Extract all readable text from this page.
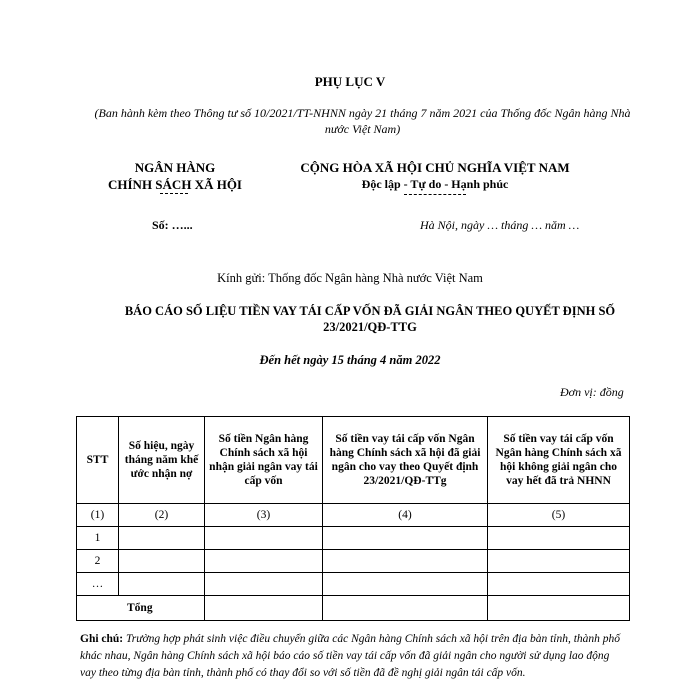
PHỤ LỤC V
(Ban hành kèm theo Thông tư số 10/2021/TT-NHNN ngày 21 tháng 7 năm 2021 của Thống đốc Ngân hàng Nhà nước Việt Nam)
NGÂN HÀNG
CHÍNH SÁCH XÃ HỘI
Số: …...
CỘNG HÒA XÃ HỘI CHỦ NGHĨA VIỆT NAM
Độc lập - Tự do - Hạnh phúc
Hà Nội, ngày … tháng … năm …
Kính gửi: Thống đốc Ngân hàng Nhà nước Việt Nam
BÁO CÁO SỐ LIỆU TIỀN VAY TÁI CẤP VỐN ĐÃ GIẢI NGÂN THEO QUYẾT ĐỊNH SỐ 23/2021/QĐ-TTG
Đến hết ngày 15 tháng 4 năm 2022
Đơn vị: đồng
STT	Số hiệu, ngày tháng năm khế ước nhận nợ	Số tiền Ngân hàng Chính sách xã hội nhận giải ngân vay tái cấp vốn	Số tiền vay tái cấp vốn Ngân hàng Chính sách xã hội đã giải ngân cho vay theo Quyết định 23/2021/QĐ-TTg	Số tiền vay tái cấp vốn Ngân hàng Chính sách xã hội không giải ngân cho vay hết đã trả NHNN
(1)	(2)	(3)	(4)	(5)
1				
2				
…				
Tổng				
Ghi chú: Trường hợp phát sinh việc điều chuyển giữa các Ngân hàng Chính sách xã hội trên địa bàn tỉnh, thành phố khác nhau, Ngân hàng Chính sách xã hội báo cáo số tiền vay tái cấp vốn đã giải ngân cho người sử dụng lao động vay theo từng địa bàn tỉnh, thành phố có thay đổi so với số tiền đã đề nghị giải ngân tái cấp vốn.
